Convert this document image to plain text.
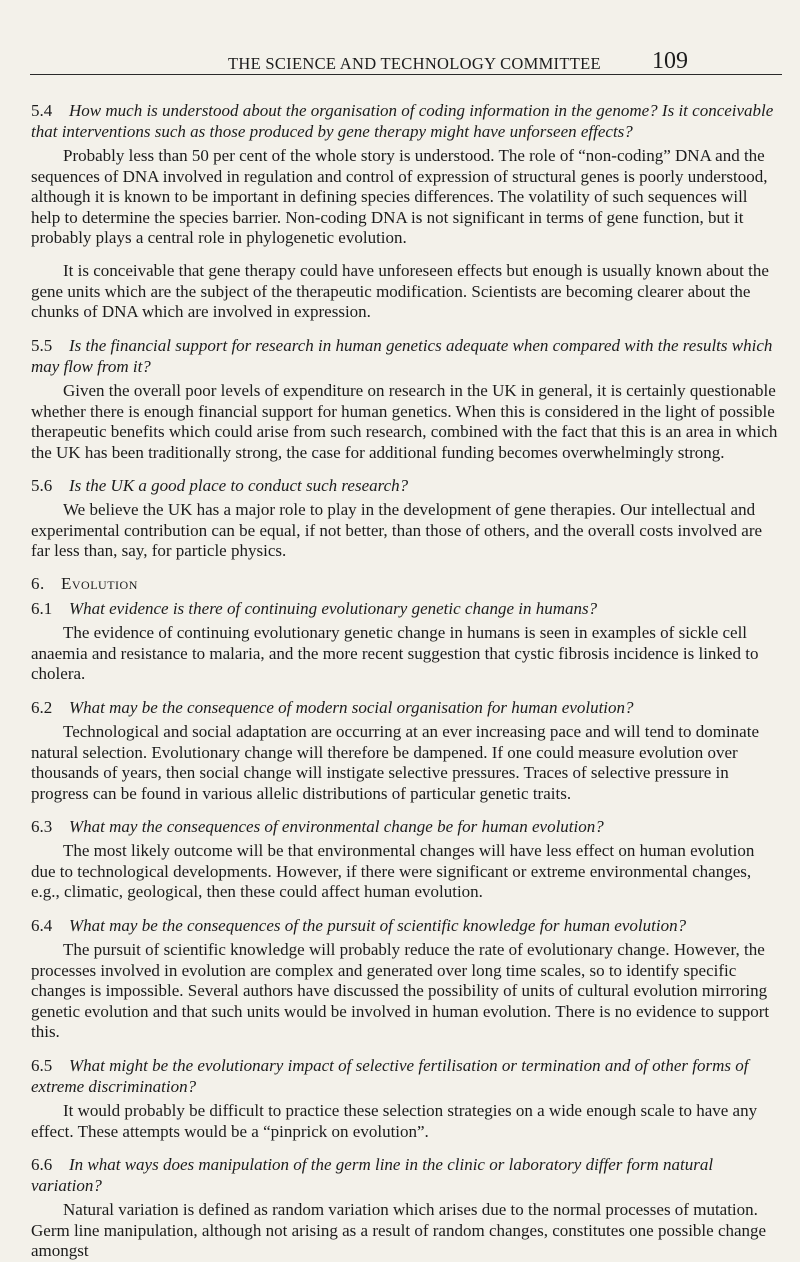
THE SCIENCE AND TECHNOLOGY COMMITTEE 109
5.4 How much is understood about the organisation of coding information in the genome? Is it conceivable that interventions such as those produced by gene therapy might have unforseen effects?
Probably less than 50 per cent of the whole story is understood. The role of “non-coding” DNA and the sequences of DNA involved in regulation and control of expression of structural genes is poorly understood, although it is known to be important in defining species differences. The volatility of such sequences will help to determine the species barrier. Non-coding DNA is not significant in terms of gene function, but it probably plays a central role in phylogenetic evolution.
It is conceivable that gene therapy could have unforeseen effects but enough is usually known about the gene units which are the subject of the therapeutic modification. Scientists are becoming clearer about the chunks of DNA which are involved in expression.
5.5 Is the financial support for research in human genetics adequate when compared with the results which may flow from it?
Given the overall poor levels of expenditure on research in the UK in general, it is certainly questionable whether there is enough financial support for human genetics. When this is considered in the light of possible therapeutic benefits which could arise from such research, combined with the fact that this is an area in which the UK has been traditionally strong, the case for additional funding becomes overwhelmingly strong.
5.6 Is the UK a good place to conduct such research?
We believe the UK has a major role to play in the development of gene therapies. Our intellectual and experimental contribution can be equal, if not better, than those of others, and the overall costs involved are far less than, say, for particle physics.
6. Evolution
6.1 What evidence is there of continuing evolutionary genetic change in humans?
The evidence of continuing evolutionary genetic change in humans is seen in examples of sickle cell anaemia and resistance to malaria, and the more recent suggestion that cystic fibrosis incidence is linked to cholera.
6.2 What may be the consequence of modern social organisation for human evolution?
Technological and social adaptation are occurring at an ever increasing pace and will tend to dominate natural selection. Evolutionary change will therefore be dampened. If one could measure evolution over thousands of years, then social change will instigate selective pressures. Traces of selective pressure in progress can be found in various allelic distributions of particular genetic traits.
6.3 What may the consequences of environmental change be for human evolution?
The most likely outcome will be that environmental changes will have less effect on human evolution due to technological developments. However, if there were significant or extreme environmental changes, e.g., climatic, geological, then these could affect human evolution.
6.4 What may be the consequences of the pursuit of scientific knowledge for human evolution?
The pursuit of scientific knowledge will probably reduce the rate of evolutionary change. However, the processes involved in evolution are complex and generated over long time scales, so to identify specific changes is impossible. Several authors have discussed the possibility of units of cultural evolution mirroring genetic evolution and that such units would be involved in human evolution. There is no evidence to support this.
6.5 What might be the evolutionary impact of selective fertilisation or termination and of other forms of extreme discrimination?
It would probably be difficult to practice these selection strategies on a wide enough scale to have any effect. These attempts would be a “pinprick on evolution”.
6.6 In what ways does manipulation of the germ line in the clinic or laboratory differ form natural variation?
Natural variation is defined as random variation which arises due to the normal processes of mutation. Germ line manipulation, although not arising as a result of random changes, constitutes one possible change amongst
